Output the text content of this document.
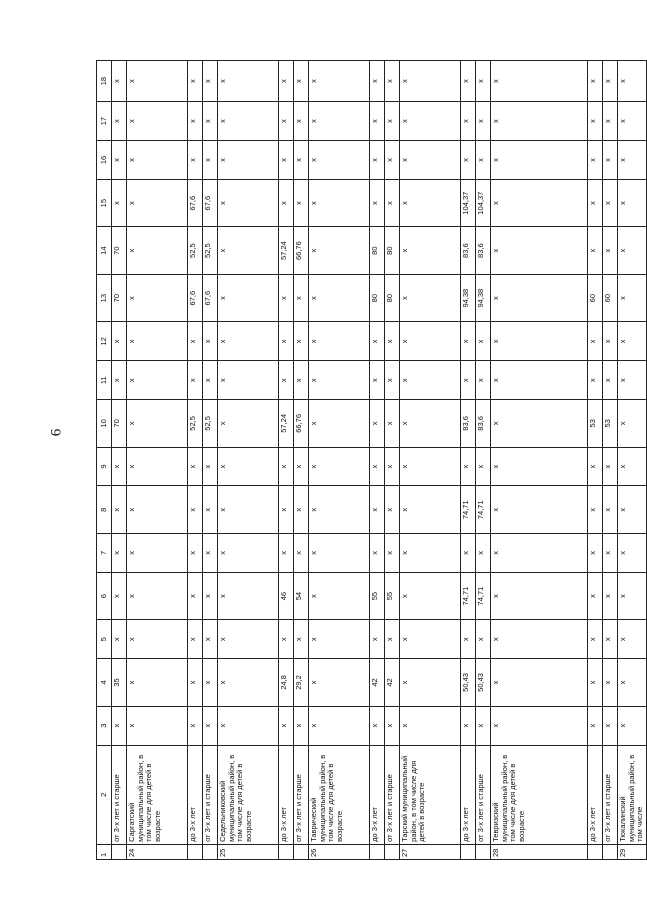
6
1	2	3	4	5	6	7	8	9	10	11	12	13	14	15	16	17	18
	от 3-х лет и старше	х	35	х	х	х	х	х	70	х	х	70	70	х	х	х	х
24	Саргатский муниципальный район, в том числе для детей в возрасте	х	х	х	х	х	х	х	х	х	х	х	х	х	х	х	х
	до 3-х лет	х	х	х	х	х	х	х	52,5	х	х	67,6	52,5	67,6	х	х	х
	от 3-х лет и старше	х	х	х	х	х	х	х	52,5	х	х	67,6	52,5	67,6	х	х	х
25	Седельниковский муниципальный район, в том числе для детей в возрасте	х	х	х	х	х	х	х	х	х	х	х	х	х	х	х	х
	до 3-х лет	х	24,8	х	46	х	х	х	57,24	х	х	х	57,24	х	х	х	х
	от 3-х лет и старше	х	29,2	х	54	х	х	х	66,76	х	х	х	66,76	х	х	х	х
26	Таврический муниципальный район, в том числе для детей в возрасте	х	х	х	х	х	х	х	х	х	х	х	х	х	х	х	х
	до 3-х лет	х	42	х	55	х	х	х	х	х	х	80	80	х	х	х	х
	от 3-х лет и старше	х	42	х	55	х	х	х	х	х	х	80	80	х	х	х	х
27	Тарский муниципальный район, в том числе для детей в возрасте	х	х	х	х	х	х	х	х	х	х	х	х	х	х	х	х
	до 3-х лет	х	50,43	х	74,71	х	74,71	х	83,6	х	х	94,38	83,6	104,37	х	х	х
	от 3-х лет и старше	х	50,43	х	74,71	х	74,71	х	83,6	х	х	94,38	83,6	104,37	х	х	х
28	Тевризский муниципальный район, в том числе для детей в возрасте	х	х	х	х	х	х	х	х	х	х	х	х	х	х	х	х
	до 3-х лет	х	х	х	х	х	х	х	53	х	х	60	х	х	х	х	х
	от 3-х лет и старше	х	х	х	х	х	х	х	53	х	х	60	х	х	х	х	х
29	Тюкалинский муниципальный район, в том числе	х	х	х	х	х	х	х	х	х	х	х	х	х	х	х	х
